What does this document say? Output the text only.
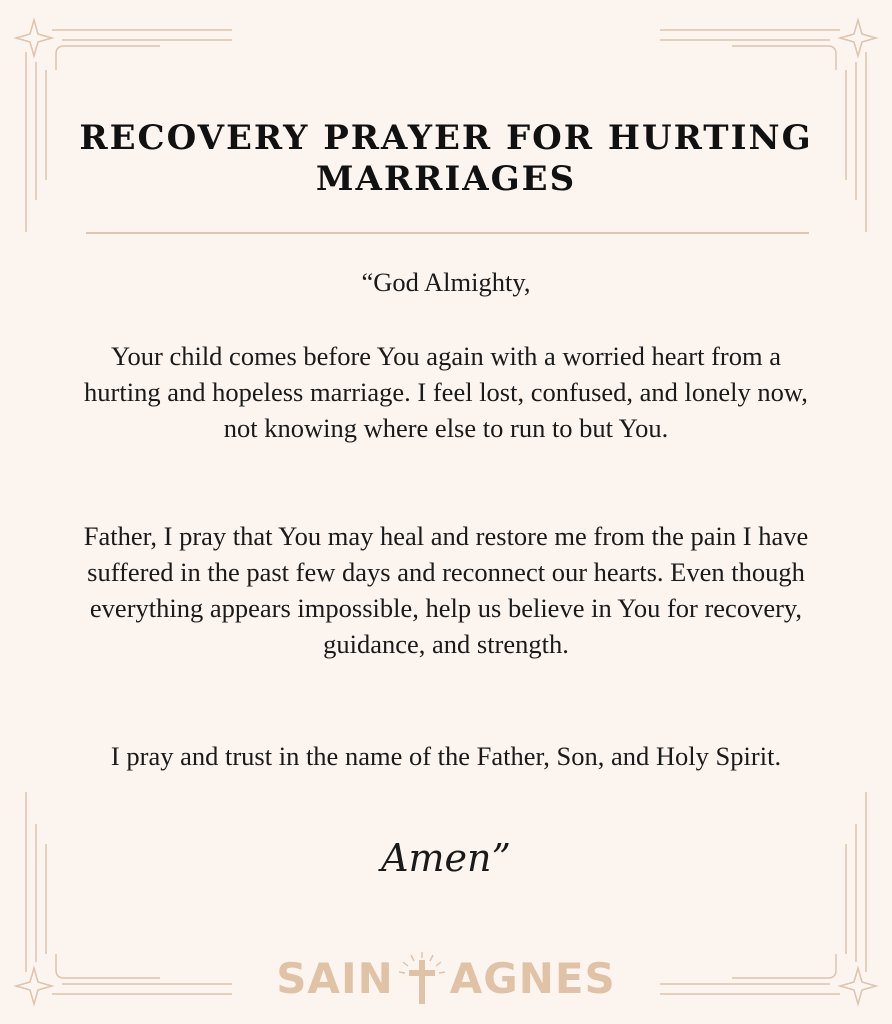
RECOVERY PRAYER FOR HURTING MARRIAGES

“God Almighty,

Your child comes before You again with a worried heart from a hurting and hopeless marriage. I feel lost, confused, and lonely now, not knowing where else to run to but You.

Father, I pray that You may heal and restore me from the pain I have suffered in the past few days and reconnect our hearts. Even though everything appears impossible, help us believe in You for recovery, guidance, and strength.

I pray and trust in the name of the Father, Son, and Holy Spirit.

Amen”

SAIN AGNES
